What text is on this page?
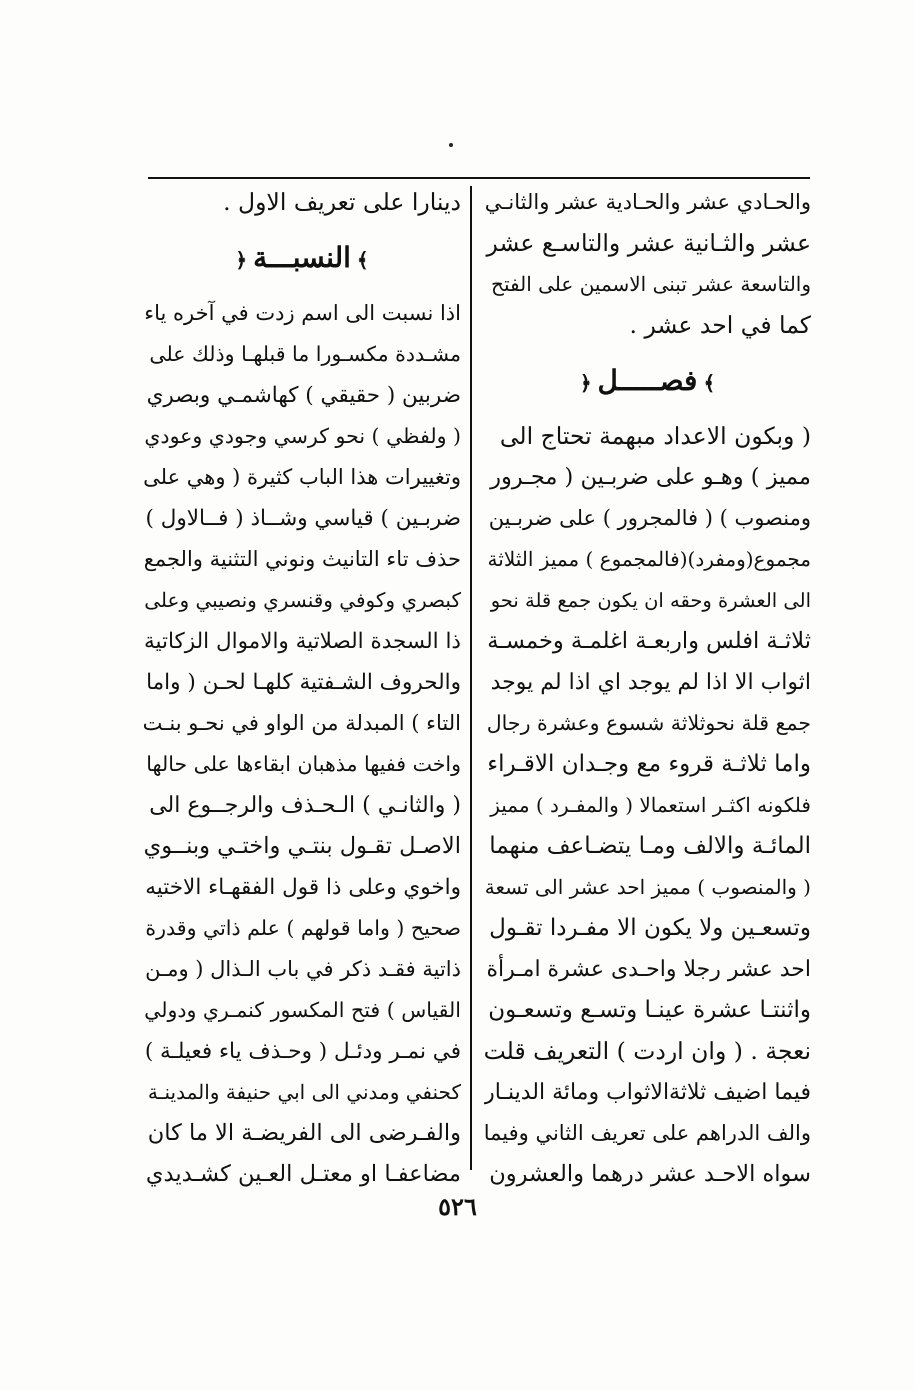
والحـادي عشر والحـادية عشر والثانـي
عشر والثـانية عشر والتاسـع عشر
والتاسعة عشر تبنى الاسمين على الفتح
كما في احد عشر .
﴾فصـــــل﴿
( وبكون الاعداد مبهمة تحتاج الى
مميز ) وهـو على ضربـين ( مجـرور
ومنصوب ) ( فالمجرور ) على ضربـين
مجموع(ومفرد)(فالمجموع ) مميز الثلاثة
الى العشرة وحقه ان يكون جمع قلة نحو
ثلاثـة افلس واربعـة اغلمـة وخمسـة
اثواب الا اذا لم يوجد اي اذا لم يوجد
جمع قلة نحوثلاثة شسوع وعشرة رجال
واما ثلاثـة قروء مع وجـدان الاقـراء
فلكونه اكثـر استعمالا ( والمفـرد ) مميز
المائـة والالف ومـا يتضـاعف منهما
( والمنصوب ) مميز احد عشر الى تسعة
وتسعـين ولا يكون الا مفـردا تقـول
احد عشر رجلا واحـدى عشرة امـرأة
واثنتـا عشرة عينـا وتسـع وتسعـون
نعجة . ( وان اردت ) التعريف قلت
فيما اضيف ثلاثةالاثواب ومائة الدينـار
والف الدراهم على تعريف الثاني وفيما
سواه الاحـد عشر درهما والعشرون
دينارا على تعريف الاول .
﴾النسبـــة﴿
اذا نسبت الى اسم زدت في آخره ياء
مشـددة مكسـورا ما قبلهـا وذلك على
ضربين ( حقيقي ) كهاشمـي وبصري
( ولفظي ) نحو كرسي وجودي وعودي
وتغييرات هذا الباب كثيرة ( وهي على
ضربـين ) قياسي وشــاذ ( فــالاول )
حذف تاء التانيث ونوني التثنية والجمع
كبصري وكوفي وقنسري ونصيبي وعلى
ذا السجدة الصلاتية والاموال الزكاتية
والحروف الشـفتية كلهـا لحـن ( واما
التاء ) المبدلة من الواو في نحـو بنـت
واخت ففيها مذهبان ابقاءها على حالها
( والثانـي ) الـحـذف والرجــوع الى
الاصـل تقـول بنتـي واختـي وبنــوي
واخوي وعلى ذا قول الفقهـاء الاختيه
صحيح ( واما قولهم ) علم ذاتي وقدرة
ذاتية فقـد ذكر في باب الـذال ( ومـن
القياس ) فتح المكسور كنمـري ودولي
في نمـر ودئـل ( وحـذف ياء فعيلـة )
كحنفي ومدني الى ابي حنيفة والمدينـة
والفـرضى الى الفريضـة الا ما كان
مضاعفـا او معتـل العـين كشـديدي
٥٢٦
